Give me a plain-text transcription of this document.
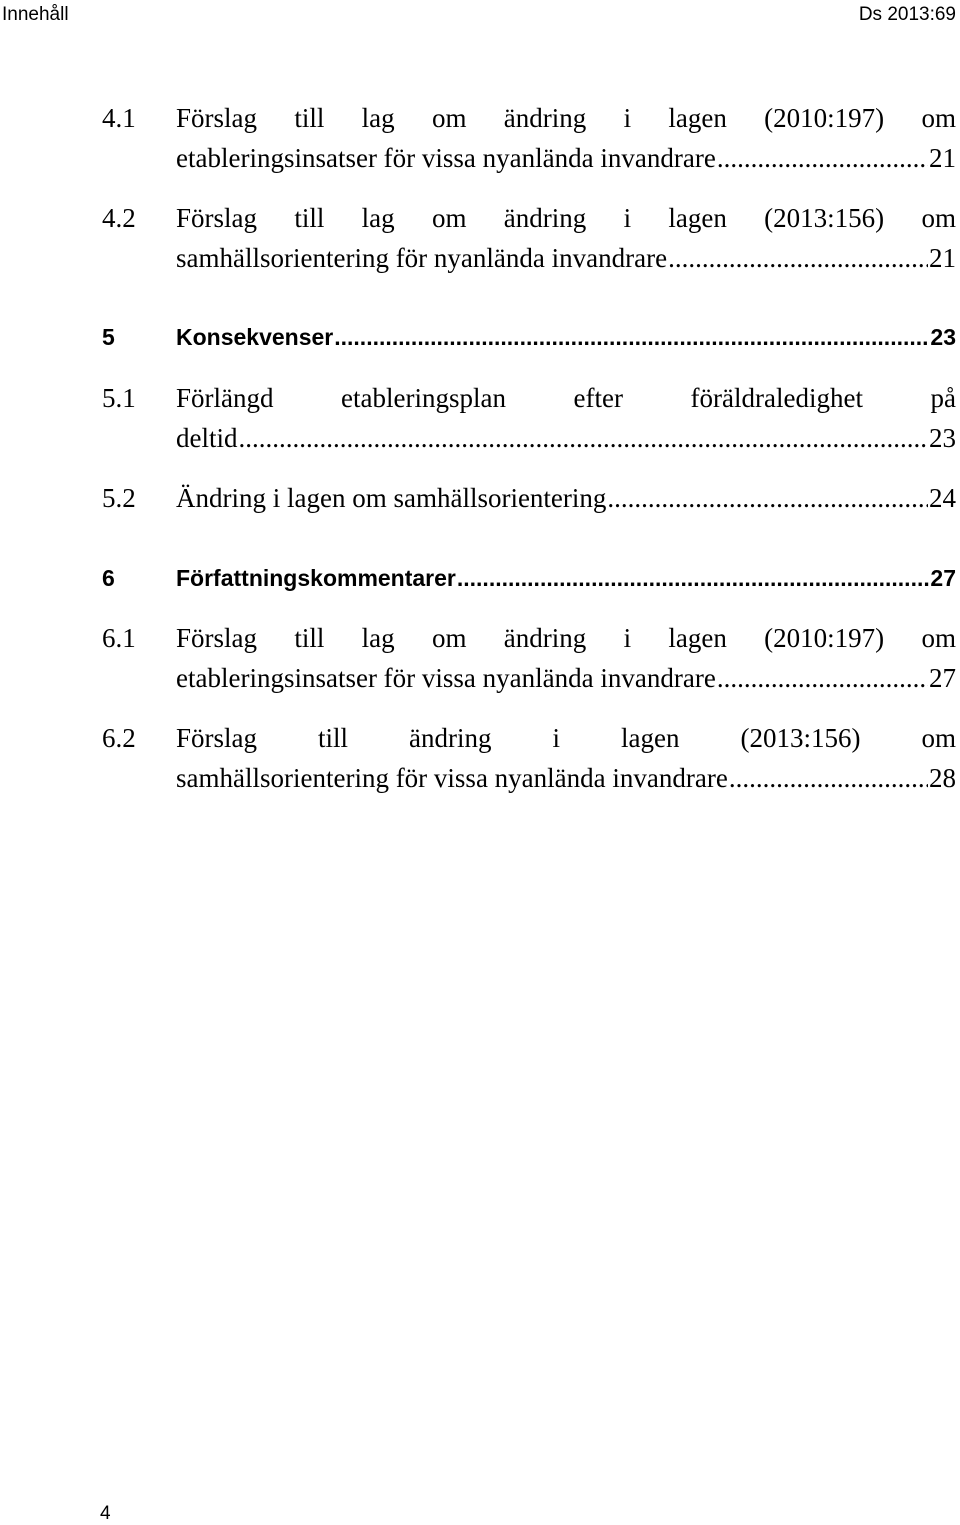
Innehåll	Ds 2013:69
4.1 Förslag till lag om ändring i lagen (2010:197) om
etableringsinsatser för vissa nyanlända invandrare .....	21
4.2 Förslag till lag om ändring i lagen (2013:156) om
samhällsorientering för nyanlända invandrare .....	21
5	Konsekvenser .....	23
5.1 Förlängd etableringsplan efter föräldraledighet på
deltid .....	23
5.2 Ändring i lagen om samhällsorientering .....	24
6	Författningskommentarer .....	27
6.1 Förslag till lag om ändring i lagen (2010:197) om
etableringsinsatser för vissa nyanlända invandrare .....	27
6.2 Förslag till ändring i lagen (2013:156) om
samhällsorientering för vissa nyanlända invandrare .....	28
4
